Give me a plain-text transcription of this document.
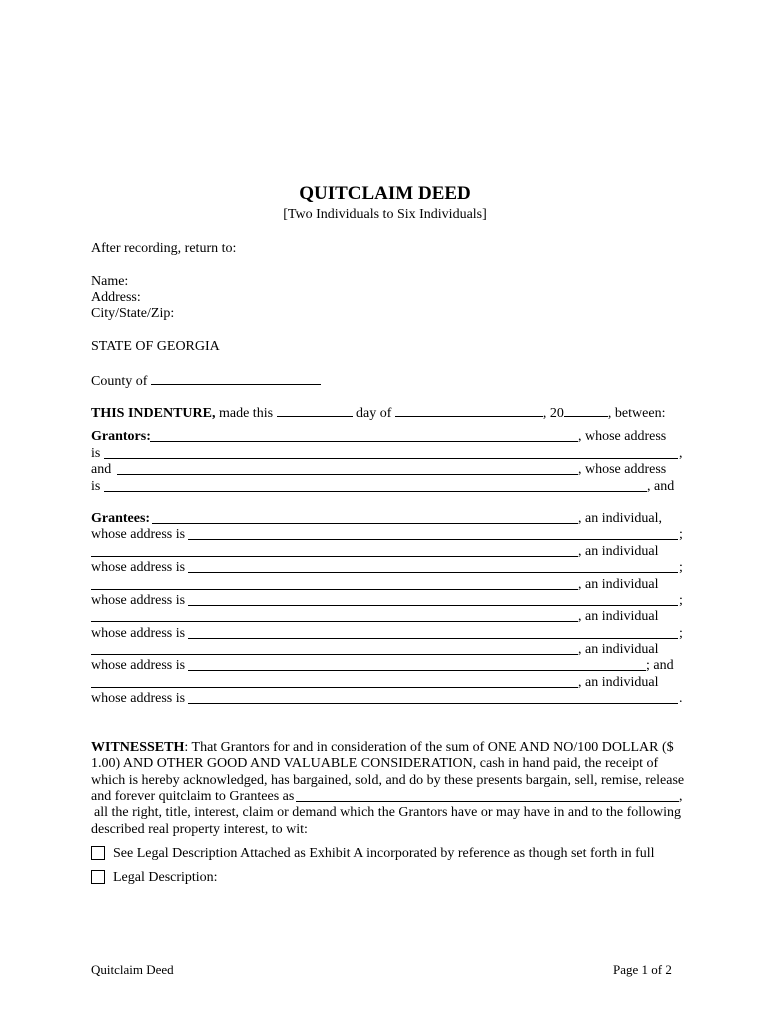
QUITCLAIM DEED
[Two Individuals to Six Individuals]
After recording, return to:
Name:
Address:
City/State/Zip:
STATE OF GEORGIA
County of
THIS INDENTURE, made this	day of	, 20	, between:
Grantors:	, whose address
is	,
and	, whose address
is	, and
Grantees:	, an individual,
whose address is	;
, an individual
whose address is	;
, an individual
whose address is	;
, an individual
whose address is	;
, an individual
whose address is	; and
, an individual
whose address is	.
WITNESSETH: That Grantors for and in consideration of the sum of ONE AND NO/100 DOLLAR ($
1.00) AND OTHER GOOD AND VALUABLE CONSIDERATION, cash in hand paid, the receipt of
which is hereby acknowledged, has bargained, sold, and do by these presents bargain, sell, remise, release
and forever quitclaim to Grantees as	,
all the right, title, interest, claim or demand which the Grantors have or may have in and to the following
described real property interest, to wit:
See Legal Description Attached as Exhibit A incorporated by reference as though set forth in full
Legal Description:
Quitclaim Deed	Page 1 of 2
